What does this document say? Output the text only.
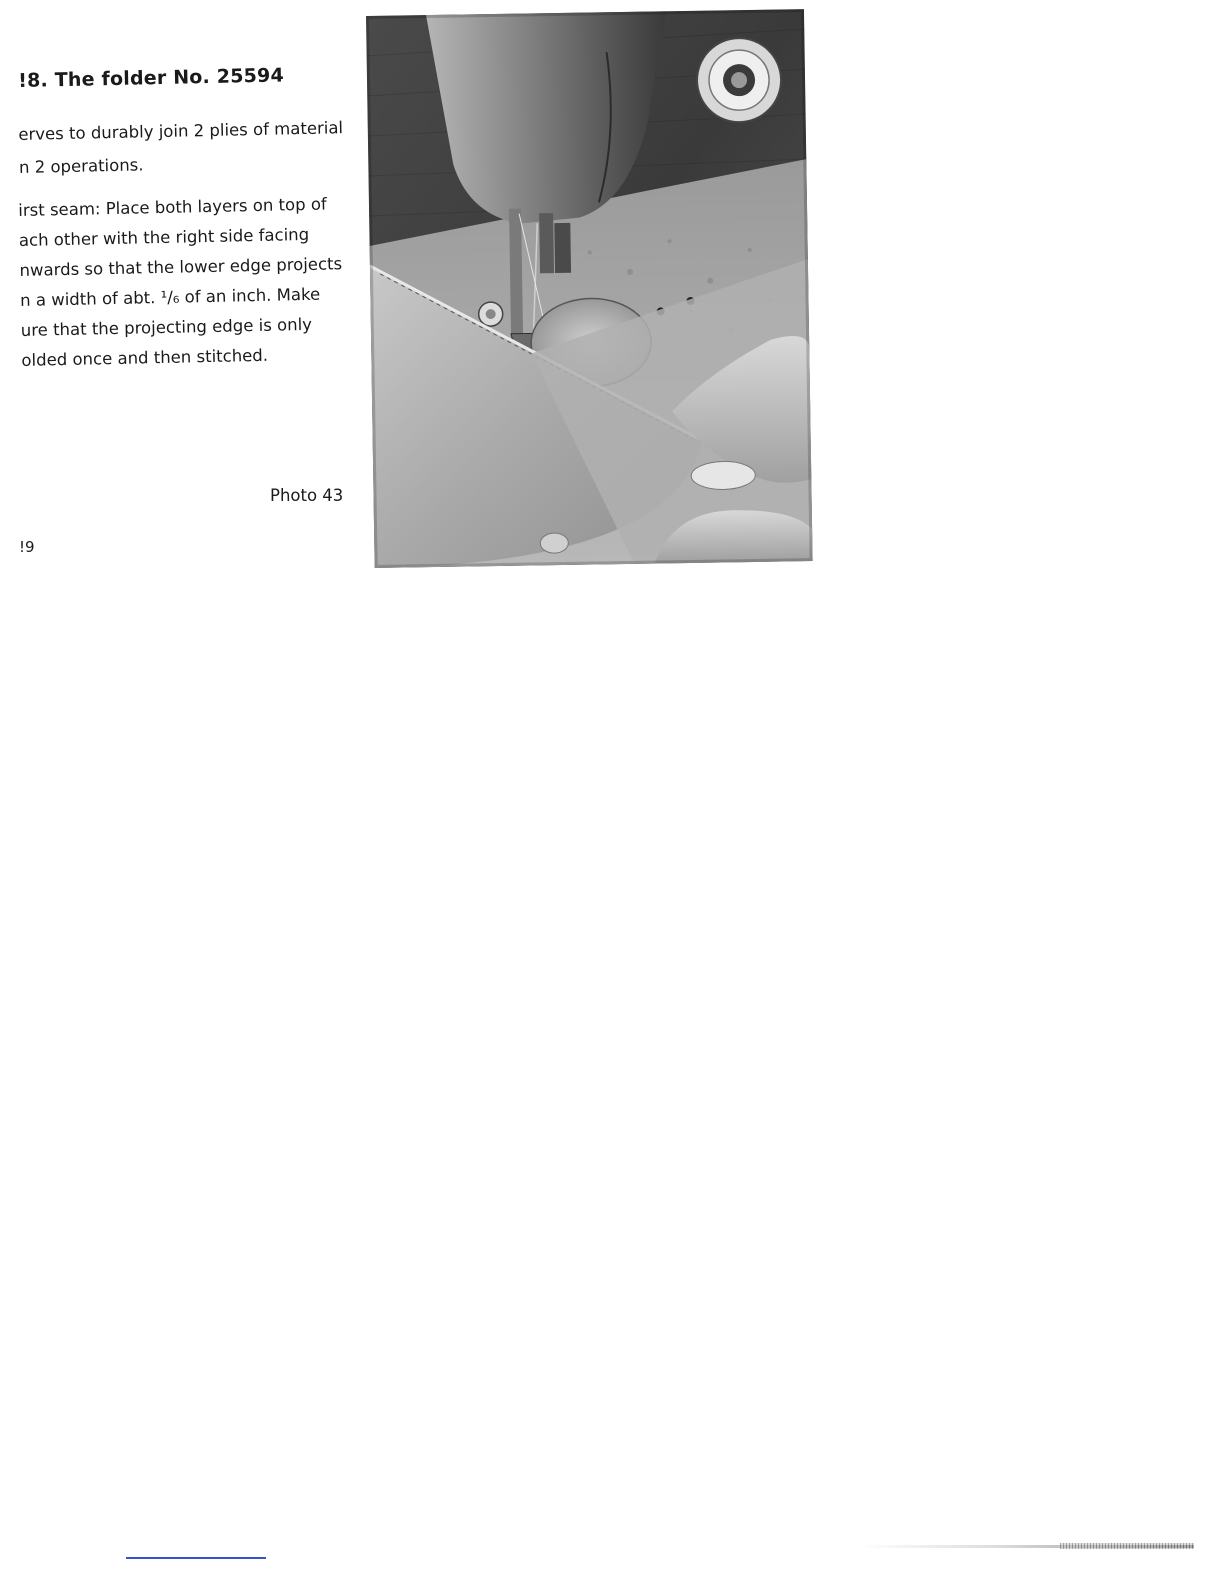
!8. The folder No. 25594
erves to durably join 2 plies of material
n 2 operations.
irst seam: Place both layers on top of
ach other with the right side facing
nwards so that the lower edge projects
n a width of abt. ¹/₆ of an inch. Make
ure that the projecting edge is only
olded once and then stitched.
Photo 43
!9
